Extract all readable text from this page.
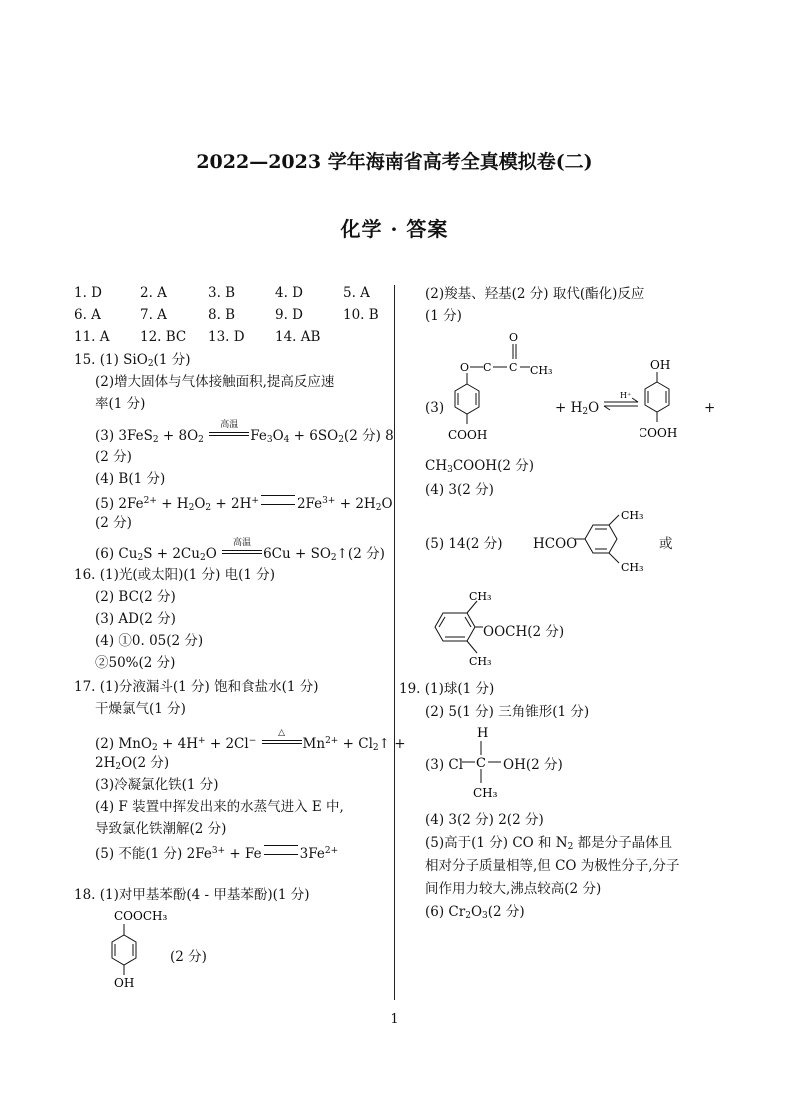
2022—2023 学年海南省高考全真模拟卷(二)
化学 · 答案
1. D	2. A	3. B	4. D	5. A
6. A	7. A	8. B	9. D	10. B
11. A 12. BC 13. D 14. AB
15. (1) SiO$_2$(1 分)
(2)增大固体与气体接触面积,提高反应速
率(1 分)
(3) $3FeS_2 + 8O_2$
高温
$Fe_3O_4 + 6SO_2(2$ 分) 8
(2 分)
(4) B(1 分)
(5) $2Fe^{2+} + H_2O_2 + 2H^+$	$2Fe^{3+} + 2H_2O$
(2 分)
(6) $Cu_2S + 2Cu_2O$
高温
$6Cu + SO_2↑(2$ 分)
16. (1)光(或太阳)(1 分) 电(1 分)
(2) BC(2 分)
(3) AD(2 分)
(4) ①0. 05(2 分)
②50%(2 分)
17. (1)分液漏斗(1 分) 饱和食盐水(1 分)
干燥氯气(1 分)
(2) MnO$_2$ + 4H+ + 2Cl−
△
$Mn^{2+}$ + $Cl_2↑$ +
$2H_2O(2$ 分)
(3)冷凝氯化铁(1 分)
(4) F 装置中挥发出来的水蒸气进入 E 中,
导致氯化铁潮解(2 分)
(5) 不能(1 分) $2Fe^{3+} + Fe$	$3Fe^{2+}$
18. (1)对甲基苯酚(4 - 甲基苯酚)(1 分)
COOCH₃
OH
(2 分)
(2)羧基、羟基(2 分) 取代(酯化)反应
(1 分)
(3)
O
O C C CH₃
COOH
+ $H_2O$
H⁺
OH
COOH
+
$CH_3COOH(2$ 分)
(4) 3(2 分)
(5) 14(2 分) HCOO
CH₃
CH₃
或
CH₃
CH₃
OOCH(2 分)
19. (1)球(1 分)
(2) 5(1 分) 三角锥形(1 分)
H
C
CH₃
(3) Cl	OH(2 分)
(4) 3(2 分) 2(2 分)
(5)高于(1 分) CO 和 $N_2$ 都是分子晶体且
相对分子质量相等,但 CO 为极性分子,分子
间作用力较大,沸点较高(2 分)
(6) $Cr_2O_3(2$ 分)
1
